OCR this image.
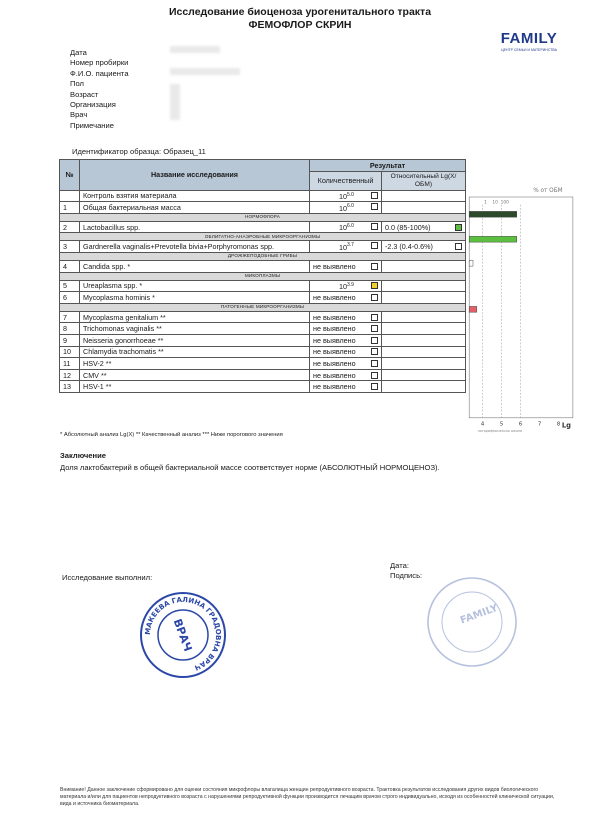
Исследование биоценоза урогенитального тракта
ФЕМОФЛОР СКРИН
FAMILY
ЦЕНТР СЕМЬИ И МАТЕРИНСТВА
Дата
Номер пробирки
Ф.И.О. пациента
Пол
Возраст
Организация
Врач
Примечание
Идентификатор образца: Образец_11
№	Название исследования	Результат	
		Количественный	Относительный Lg(X/ОБМ)
	Контроль взятия материала	$10^{5.0}$

1	Общая бактериальная масса	$10^{6.0}$

НОРМОФЛОРА			
2	Lactobacillus spp.	$10^{6.0}$	0.0 (85-100%)

ОБЛИГАТНО-АНАЭРОБНЫЕ МИКРООРГАНИЗМЫ			
3	Gardnerella vaginalis+Prevotella bivia+Porphyromonas spp.	$10^{3.7}$	-2.3 (0.4-0.6%)

ДРОЖЖЕПОДОБНЫЕ ГРИБЫ			
4	Candida spp. *	не выявлено

МИКОПЛАЗМЫ			
5	Ureaplasma spp. *	$10^{3.9}$

6	Mycoplasma hominis *	не выявлено

ПАТОГЕННЫЕ МИКРООРГАНИЗМЫ			
7	Mycoplasma genitalium **	не выявлено

8	Trichomonas vaginalis **	не выявлено

9	Neisseria gonorrhoeae **	не выявлено

10	Chlamydia trachomatis **	не выявлено

11	HSV-2 **	не выявлено

12	CMV **	не выявлено

13	HSV-1 **	не выявлено

% от ОБМ
1 10 100
4	5	6	7	8 Lg
логарифмическая шкала
* Абсолютный анализ Lg(X) ** Качественный анализ *** Ниже порогового значения
Заключение
Доля лактобактерий в общей бактериальной массе соответствует норме (АБСОЛЮТНЫЙ НОРМОЦЕНОЗ).
Исследование выполнил:
Дата:
Подпись:
МАКЕЕВА ГАЛИНА ГРАДОВНА ВРАЧ
ВРАЧ
FAMILY
Внимание! Данное заключение сформировано для оценки состояния микрофлоры влагалища женщин репродуктивного возраста. Трактовка результатов исследования других видов биологического материала и/или для пациентов непродуктивного возраста с нарушениями репродуктивной функции производится лечащим врачом строго индивидуально, исходя из особенностей клинической ситуации, вида и источника биоматериала.
